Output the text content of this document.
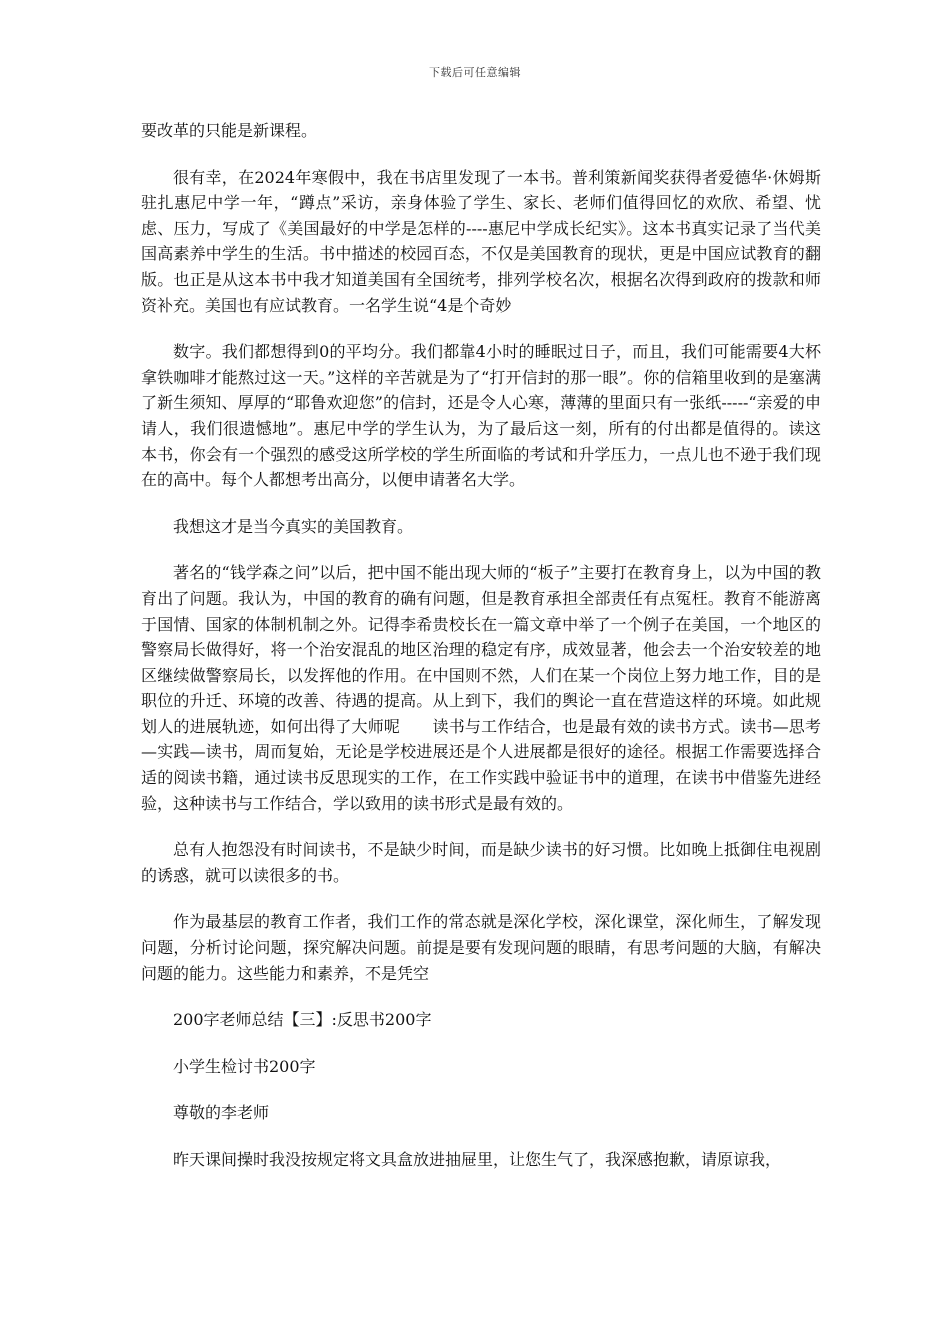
下载后可任意编辑

要改革的只能是新课程。

很有幸，在2024年寒假中，我在书店里发现了一本书。普利策新闻奖获得者爱德华·休姆斯驻扎惠尼中学一年，“蹲点”采访，亲身体验了学生、家长、老师们值得回忆的欢欣、希望、忧虑、压力，写成了《美国最好的中学是怎样的----惠尼中学成长纪实》。这本书真实记录了当代美国高素养中学生的生活。书中描述的校园百态，不仅是美国教育的现状，更是中国应试教育的翻版。也正是从这本书中我才知道美国有全国统考，排列学校名次，根据名次得到政府的拨款和师资补充。美国也有应试教育。一名学生说“4是个奇妙

数字。我们都想得到0的平均分。我们都靠4小时的睡眠过日子，而且，我们可能需要4大杯拿铁咖啡才能熬过这一天。”这样的辛苦就是为了“打开信封的那一眼”。你的信箱里收到的是塞满了新生须知、厚厚的“耶鲁欢迎您”的信封，还是令人心寒，薄薄的里面只有一张纸-----“亲爱的申请人，我们很遗憾地”。惠尼中学的学生认为，为了最后这一刻，所有的付出都是值得的。读这本书，你会有一个强烈的感受这所学校的学生所面临的考试和升学压力，一点儿也不逊于我们现在的高中。每个人都想考出高分，以便申请著名大学。

我想这才是当今真实的美国教育。

著名的“钱学森之问”以后，把中国不能出现大师的“板子”主要打在教育身上，以为中国的教育出了问题。我认为，中国的教育的确有问题，但是教育承担全部责任有点冤枉。教育不能游离于国情、国家的体制机制之外。记得李希贵校长在一篇文章中举了一个例子在美国，一个地区的警察局长做得好，将一个治安混乱的地区治理的稳定有序，成效显著，他会去一个治安较差的地区继续做警察局长，以发挥他的作用。在中国则不然，人们在某一个岗位上努力地工作，目的是职位的升迁、环境的改善、待遇的提高。从上到下，我们的舆论一直在营造这样的环境。如此规划人的进展轨迹，如何出得了大师呢　　读书与工作结合，也是最有效的读书方式。读书—思考—实践—读书，周而复始，无论是学校进展还是个人进展都是很好的途径。根据工作需要选择合适的阅读书籍，通过读书反思现实的工作，在工作实践中验证书中的道理，在读书中借鉴先进经验，这种读书与工作结合，学以致用的读书形式是最有效的。

总有人抱怨没有时间读书，不是缺少时间，而是缺少读书的好习惯。比如晚上抵御住电视剧的诱惑，就可以读很多的书。

作为最基层的教育工作者，我们工作的常态就是深化学校，深化课堂，深化师生，了解发现问题，分析讨论问题，探究解决问题。前提是要有发现问题的眼睛，有思考问题的大脑，有解决问题的能力。这些能力和素养，不是凭空

200字老师总结【三】:反思书200字

小学生检讨书200字

尊敬的李老师

昨天课间操时我没按规定将文具盒放进抽屉里，让您生气了，我深感抱歉，请原谅我，
